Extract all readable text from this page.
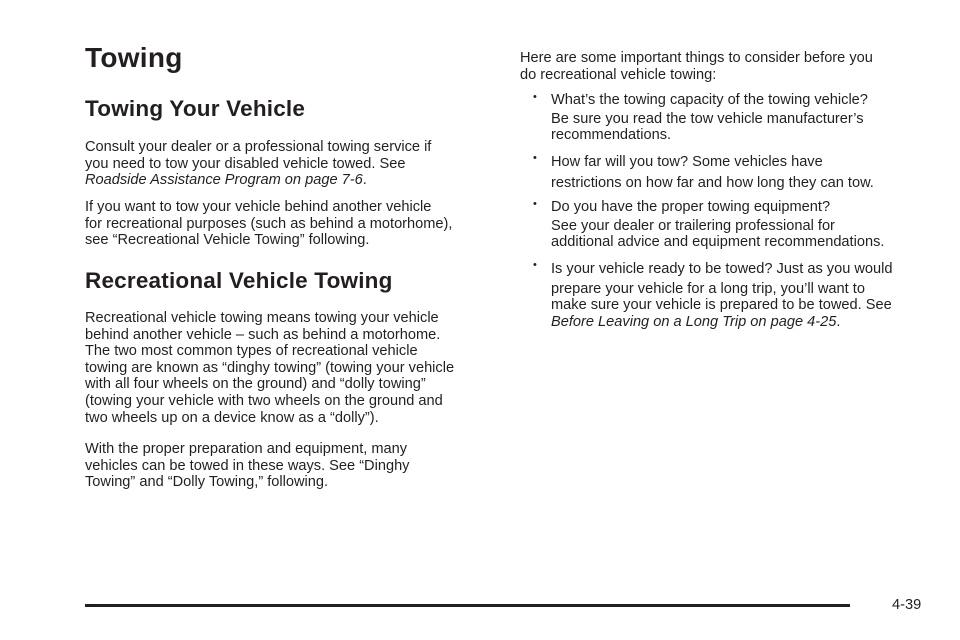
Towing
Towing Your Vehicle
Consult your dealer or a professional towing service if
you need to tow your disabled vehicle towed. See
Roadside Assistance Program on page 7-6.
If you want to tow your vehicle behind another vehicle
for recreational purposes (such as behind a motorhome),
see “Recreational Vehicle Towing” following.
Recreational Vehicle Towing
Recreational vehicle towing means towing your vehicle
behind another vehicle – such as behind a motorhome.
The two most common types of recreational vehicle
towing are known as “dinghy towing” (towing your vehicle
with all four wheels on the ground) and “dolly towing”
(towing your vehicle with two wheels on the ground and
two wheels up on a device know as a “dolly”).
With the proper preparation and equipment, many
vehicles can be towed in these ways. See “Dinghy
Towing” and “Dolly Towing,” following.
Here are some important things to consider before you
do recreational vehicle towing:
• What’s the towing capacity of the towing vehicle?
Be sure you read the tow vehicle manufacturer’s
recommendations.
• How far will you tow? Some vehicles have
restrictions on how far and how long they can tow.
• Do you have the proper towing equipment?
See your dealer or trailering professional for
additional advice and equipment recommendations.
• Is your vehicle ready to be towed? Just as you would
prepare your vehicle for a long trip, you’ll want to
make sure your vehicle is prepared to be towed. See
Before Leaving on a Long Trip on page 4-25.
4-39
